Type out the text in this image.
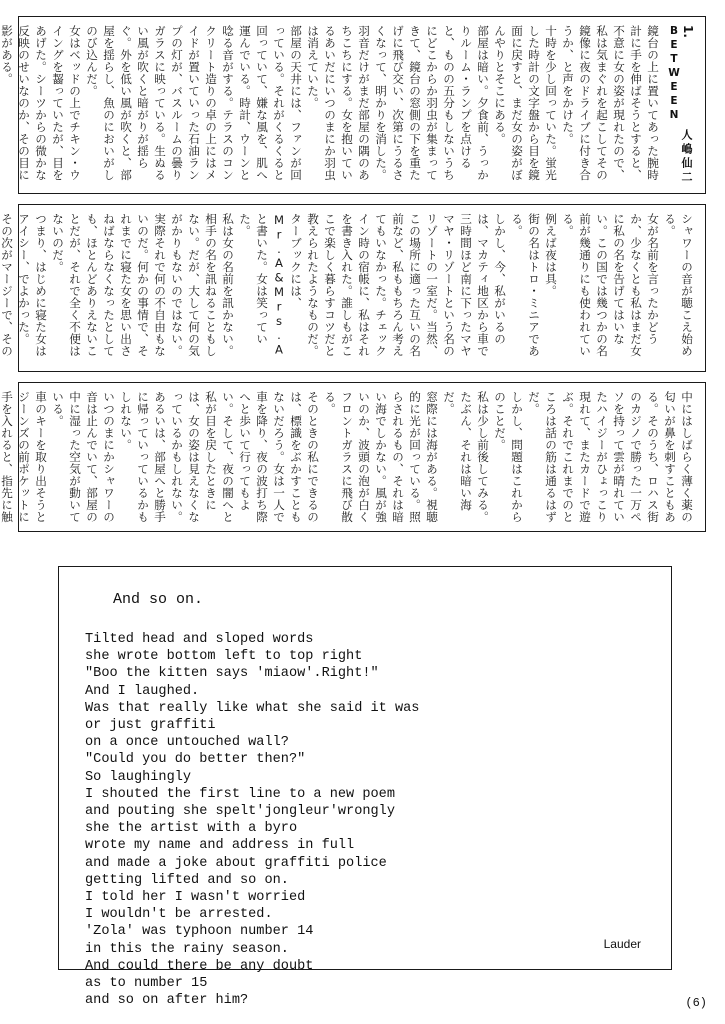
1.
BETWEEN
人嶋仙二
鏡台の上に置いてあった腕時計に手を伸ばそうとすると、不意に女の姿が現れたので、私は気まぐれを起こしてその鏡像に夜のドライブに付き合うか、と声をかけた。
十時を少し回っていた。蛍光した時計の文字盤から目を鏡面に戻すと、まだ女の姿がぼんやりとそこにある。
部屋は暗い。夕食前、うっかりルーム・ランプを点けると、ものの五分もしないうちにどこからか羽虫が集まってきて、鏡台の窓側の下を重たげに飛び交い、次第にうるさくなって、明かりを消した。羽音だけがまだ部屋の隅のあちこちにする。女を抱いているあいだにいつのまにか羽虫は消えていた。
部屋の天井には、ファンが回っている。それがくるくると回っていて、嫌な風を、肌へ運んでいる。時計、ウーンと唸る音がする。テラスのコンクリート造りの卓の上にはメイドが置いていった石油ランプの灯が、バスルームの曇りガラスに映っている。生ぬるい風が吹くと暗がりが揺らぐ。外を低い風が吹くと、部屋を揺らし、魚のにおいがしのび込んだ。
女はベッドの上でチキン・ウイングを齧っていたが、目をあげた。シーツからの微かな反映のせいなのか、その目に影がある。

シャワーの音が聴こえ始める。
女が名前を言ったかどうか、少なくとも私はまだ女に私の名を告げてはいない。この国では幾つかの名前が幾通りにも使われている。
例えば夜は具。
街の名はトロ・ミニアである。
しかし、今、私がいるのは、マカティ地区から車で三時間ほど南に下ったマヤマヤ・リゾートという名のリゾートの一室だ。当然、この場所に適った互いの名前など、私ももちろん考えてもいなかった。チェックイン時の宿帳に、私はそれを書き入れた。誰しもがここで楽しく暮らすコツだと教えられたようなものだ。
ターブックには、Mr.A&Mrs.Aと書いた。女は笑っていた。
私は女の名前を訊かない。相手の名を訊ねることもしない。だが、大して何の気がかりもないのではない。
実際それで何の不自由もないのだ。何かの事情で、それまでに寝た女を思い出さねばならなくなったとしても、ほとんどありえないことだが、それで全く不便はないのだ。
つまり、はじめに寝た女はアイシー、でよかった。
その次がマージーで、その

中にはしばらく薄く薬の匂いが鼻を刺すこともある。そのうち、ロハス街のカジノで勝った一万ペソを持って雲が晴れていたハイジーがひょっこり現れて、またカードで遊ぶ。それでこれまでのところは話の筋は通るはずだ。
しかし、問題はこれからのことだ。
私は少し前後してみる。
たぶん、それは暗い海だ。
窓際には海がある。視聴的に光が回っている。照らされるもの、それは暗い海でしかない。風が強いのか、波頭の泡が白くフロントガラスに飛び散る。
そのときの私にできるのは、標識をぶかすこともないだろう。女は一人で車を降り、夜の波打ち際へと歩いて行ってもよい。そして、夜の闇へと私が目を戻したときには、女の姿は見えなくなっているかもしれない。あるいは、部屋へと勝手に帰っていっているかもしれない。
いつのまにかシャワーの音は止んでいて、部屋の中に湿った空気が動いている。
車のキーを取り出そうとジーンズの前ポケットに手を入れると、指先に触

And so on.
Tilted head and sloped words
she wrote bottom left to top right
"Boo the kitten says 'miaow'.Right!"
And I laughed.
Was that really like what she said it was
or just graffiti
on a once untouched wall?
"Could you do better then?"
So laughingly
I shouted the first line to a new poem
and pouting she spelt'jongleur'wrongly
she the artist with a byro
wrote my name and address in full
and made a joke about graffiti police
getting lifted and so on.
I told her I wasn't worried
I wouldn't be arrested.
'Zola' was typhoon number 14
in this the rainy season.
And could there be any doubt
as to number 15
and so on after him?
Lauder
(6)
